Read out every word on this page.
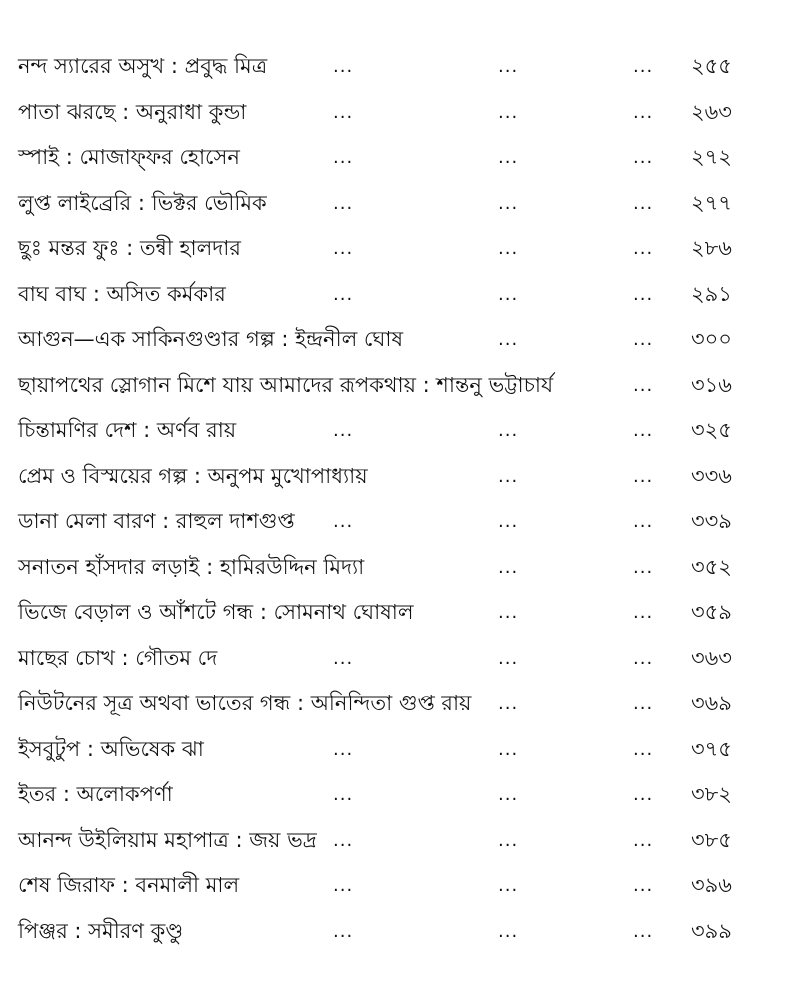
নন্দ স্যারের অসুখ : প্রবুদ্ধ মিত্র	...	...	... ২৫৫
পাতা ঝরছে : অনুরাধা কুন্ডা	...	...	... ২৬৩
স্পাই : মোজাফ্‌ফর হোসেন	...	...	... ২৭২
লুপ্ত লাইব্রেরি : ভিক্টর ভৌমিক	...	...	... ২৭৭
ছুঃ মন্তর ফুঃ : তন্বী হালদার	...	...	... ২৮৬
বাঘ বাঘ : অসিত কর্মকার	...	...	... ২৯১
আগুন—এক সাকিনগুণ্ডার গল্প : ইন্দ্রনীল ঘোষ	...	... ৩০০
ছায়াপথের স্লোগান মিশে যায় আমাদের রূপকথায় : শান্তনু ভট্টাচার্য	... ৩১৬
চিন্তামণির দেশ : অর্ণব রায়	...	...	... ৩২৫
প্রেম ও বিস্ময়ের গল্প : অনুপম মুখোপাধ্যায়	...	... ৩৩৬
ডানা মেলা বারণ : রাহুল দাশগুপ্ত ...	...	... ৩৩৯
সনাতন হাঁসদার লড়াই : হামিরউদ্দিন মিদ্যা	...	... ৩৫২
ভিজে বেড়াল ও আঁশটে গন্ধ : সোমনাথ ঘোষাল	...	... ৩৫৯
মাছের চোখ : গৌতম দে	...	...	... ৩৬৩
নিউটনের সূত্র অথবা ভাতের গন্ধ : অনিন্দিতা গুপ্ত রায় ...	... ৩৬৯
ইসবুটুপ : অভিষেক ঝা	...	...	... ৩৭৫
ইতর : অলোকপর্ণা	...	...	... ৩৮২
আনন্দ উইলিয়াম মহাপাত্র : জয় ভদ্র ...	...	... ৩৮৫
শেষ জিরাফ : বনমালী মাল	...	...	... ৩৯৬
পিঞ্জর : সমীরণ কুণ্ডু	...	...	... ৩৯৯
